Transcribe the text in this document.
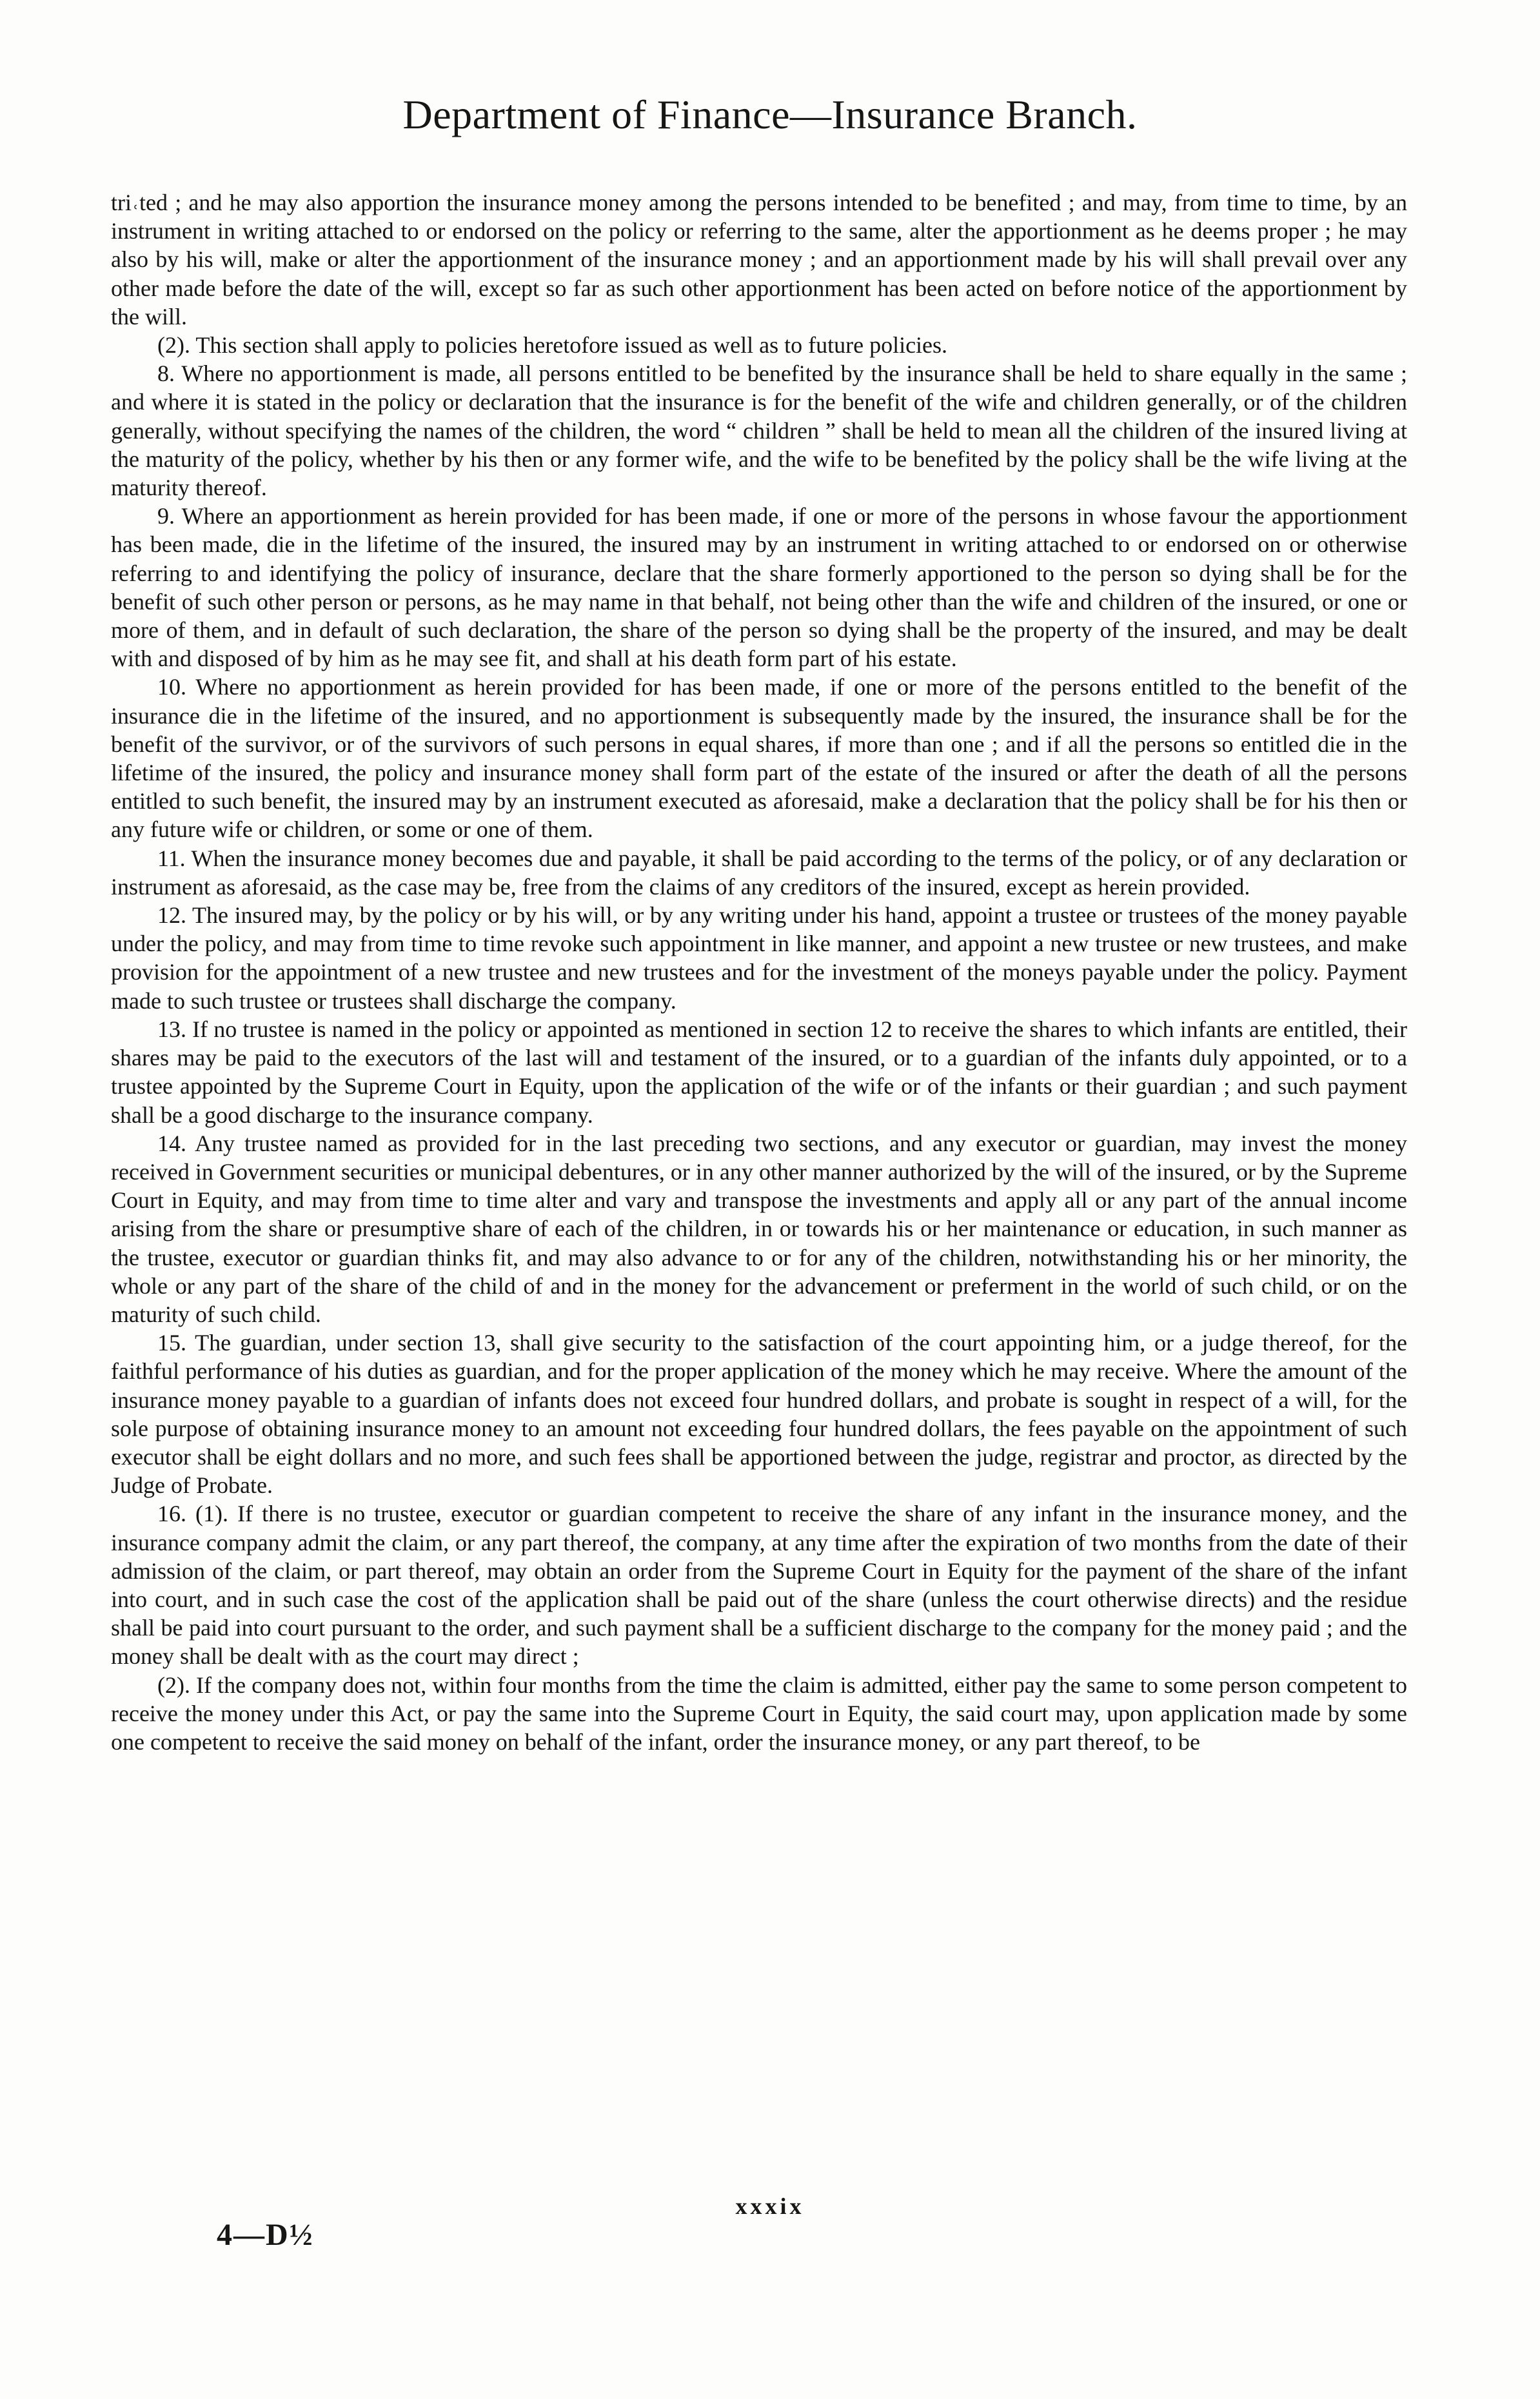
Department of Finance—Insurance Branch.

tri˓ted ; and he may also apportion the insurance money among the persons intended to be benefited ; and may, from time to time, by an instrument in writing attached to or endorsed on the policy or referring to the same, alter the apportionment as he deems proper ; he may also by his will, make or alter the apportionment of the insurance money ; and an apportionment made by his will shall prevail over any other made before the date of the will, except so far as such other apportionment has been acted on before notice of the apportionment by the will.

(2). This section shall apply to policies heretofore issued as well as to future policies.

8. Where no apportionment is made, all persons entitled to be benefited by the insurance shall be held to share equally in the same ; and where it is stated in the policy or declaration that the insurance is for the benefit of the wife and children generally, or of the children generally, without specifying the names of the children, the word “ children ” shall be held to mean all the children of the insured living at the maturity of the policy, whether by his then or any former wife, and the wife to be benefited by the policy shall be the wife living at the maturity thereof.

9. Where an apportionment as herein provided for has been made, if one or more of the persons in whose favour the apportionment has been made, die in the lifetime of the insured, the insured may by an instrument in writing attached to or endorsed on or otherwise referring to and identifying the policy of insurance, declare that the share formerly apportioned to the person so dying shall be for the benefit of such other person or persons, as he may name in that behalf, not being other than the wife and children of the insured, or one or more of them, and in default of such declaration, the share of the person so dying shall be the property of the insured, and may be dealt with and disposed of by him as he may see fit, and shall at his death form part of his estate.

10. Where no apportionment as herein provided for has been made, if one or more of the persons entitled to the benefit of the insurance die in the lifetime of the insured, and no apportionment is subsequently made by the insured, the insurance shall be for the benefit of the survivor, or of the survivors of such persons in equal shares, if more than one ; and if all the persons so entitled die in the lifetime of the insured, the policy and insurance money shall form part of the estate of the insured or after the death of all the persons entitled to such benefit, the insured may by an instrument executed as aforesaid, make a declaration that the policy shall be for his then or any future wife or children, or some or one of them.

11. When the insurance money becomes due and payable, it shall be paid according to the terms of the policy, or of any declaration or instrument as aforesaid, as the case may be, free from the claims of any creditors of the insured, except as herein provided.

12. The insured may, by the policy or by his will, or by any writing under his hand, appoint a trustee or trustees of the money payable under the policy, and may from time to time revoke such appointment in like manner, and appoint a new trustee or new trustees, and make provision for the appointment of a new trustee and new trustees and for the investment of the moneys payable under the policy. Payment made to such trustee or trustees shall discharge the company.

13. If no trustee is named in the policy or appointed as mentioned in section 12 to receive the shares to which infants are entitled, their shares may be paid to the executors of the last will and testament of the insured, or to a guardian of the infants duly appointed, or to a trustee appointed by the Supreme Court in Equity, upon the application of the wife or of the infants or their guardian ; and such payment shall be a good discharge to the insurance company.

14. Any trustee named as provided for in the last preceding two sections, and any executor or guardian, may invest the money received in Government securities or municipal debentures, or in any other manner authorized by the will of the insured, or by the Supreme Court in Equity, and may from time to time alter and vary and transpose the investments and apply all or any part of the annual income arising from the share or presumptive share of each of the children, in or towards his or her maintenance or education, in such manner as the trustee, executor or guardian thinks fit, and may also advance to or for any of the children, notwithstanding his or her minority, the whole or any part of the share of the child of and in the money for the advancement or preferment in the world of such child, or on the maturity of such child.

15. The guardian, under section 13, shall give security to the satisfaction of the court appointing him, or a judge thereof, for the faithful performance of his duties as guardian, and for the proper application of the money which he may receive. Where the amount of the insurance money payable to a guardian of infants does not exceed four hundred dollars, and probate is sought in respect of a will, for the sole purpose of obtaining insurance money to an amount not exceeding four hundred dollars, the fees payable on the appointment of such executor shall be eight dollars and no more, and such fees shall be apportioned between the judge, registrar and proctor, as directed by the Judge of Probate.

16. (1). If there is no trustee, executor or guardian competent to receive the share of any infant in the insurance money, and the insurance company admit the claim, or any part thereof, the company, at any time after the expiration of two months from the date of their admission of the claim, or part thereof, may obtain an order from the Supreme Court in Equity for the payment of the share of the infant into court, and in such case the cost of the application shall be paid out of the share (unless the court otherwise directs) and the residue shall be paid into court pursuant to the order, and such payment shall be a sufficient discharge to the company for the money paid ; and the money shall be dealt with as the court may direct ;

(2). If the company does not, within four months from the time the claim is admitted, either pay the same to some person competent to receive the money under this Act, or pay the same into the Supreme Court in Equity, the said court may, upon application made by some one competent to receive the said money on behalf of the infant, order the insurance money, or any part thereof, to be

xxxix
4—D½
